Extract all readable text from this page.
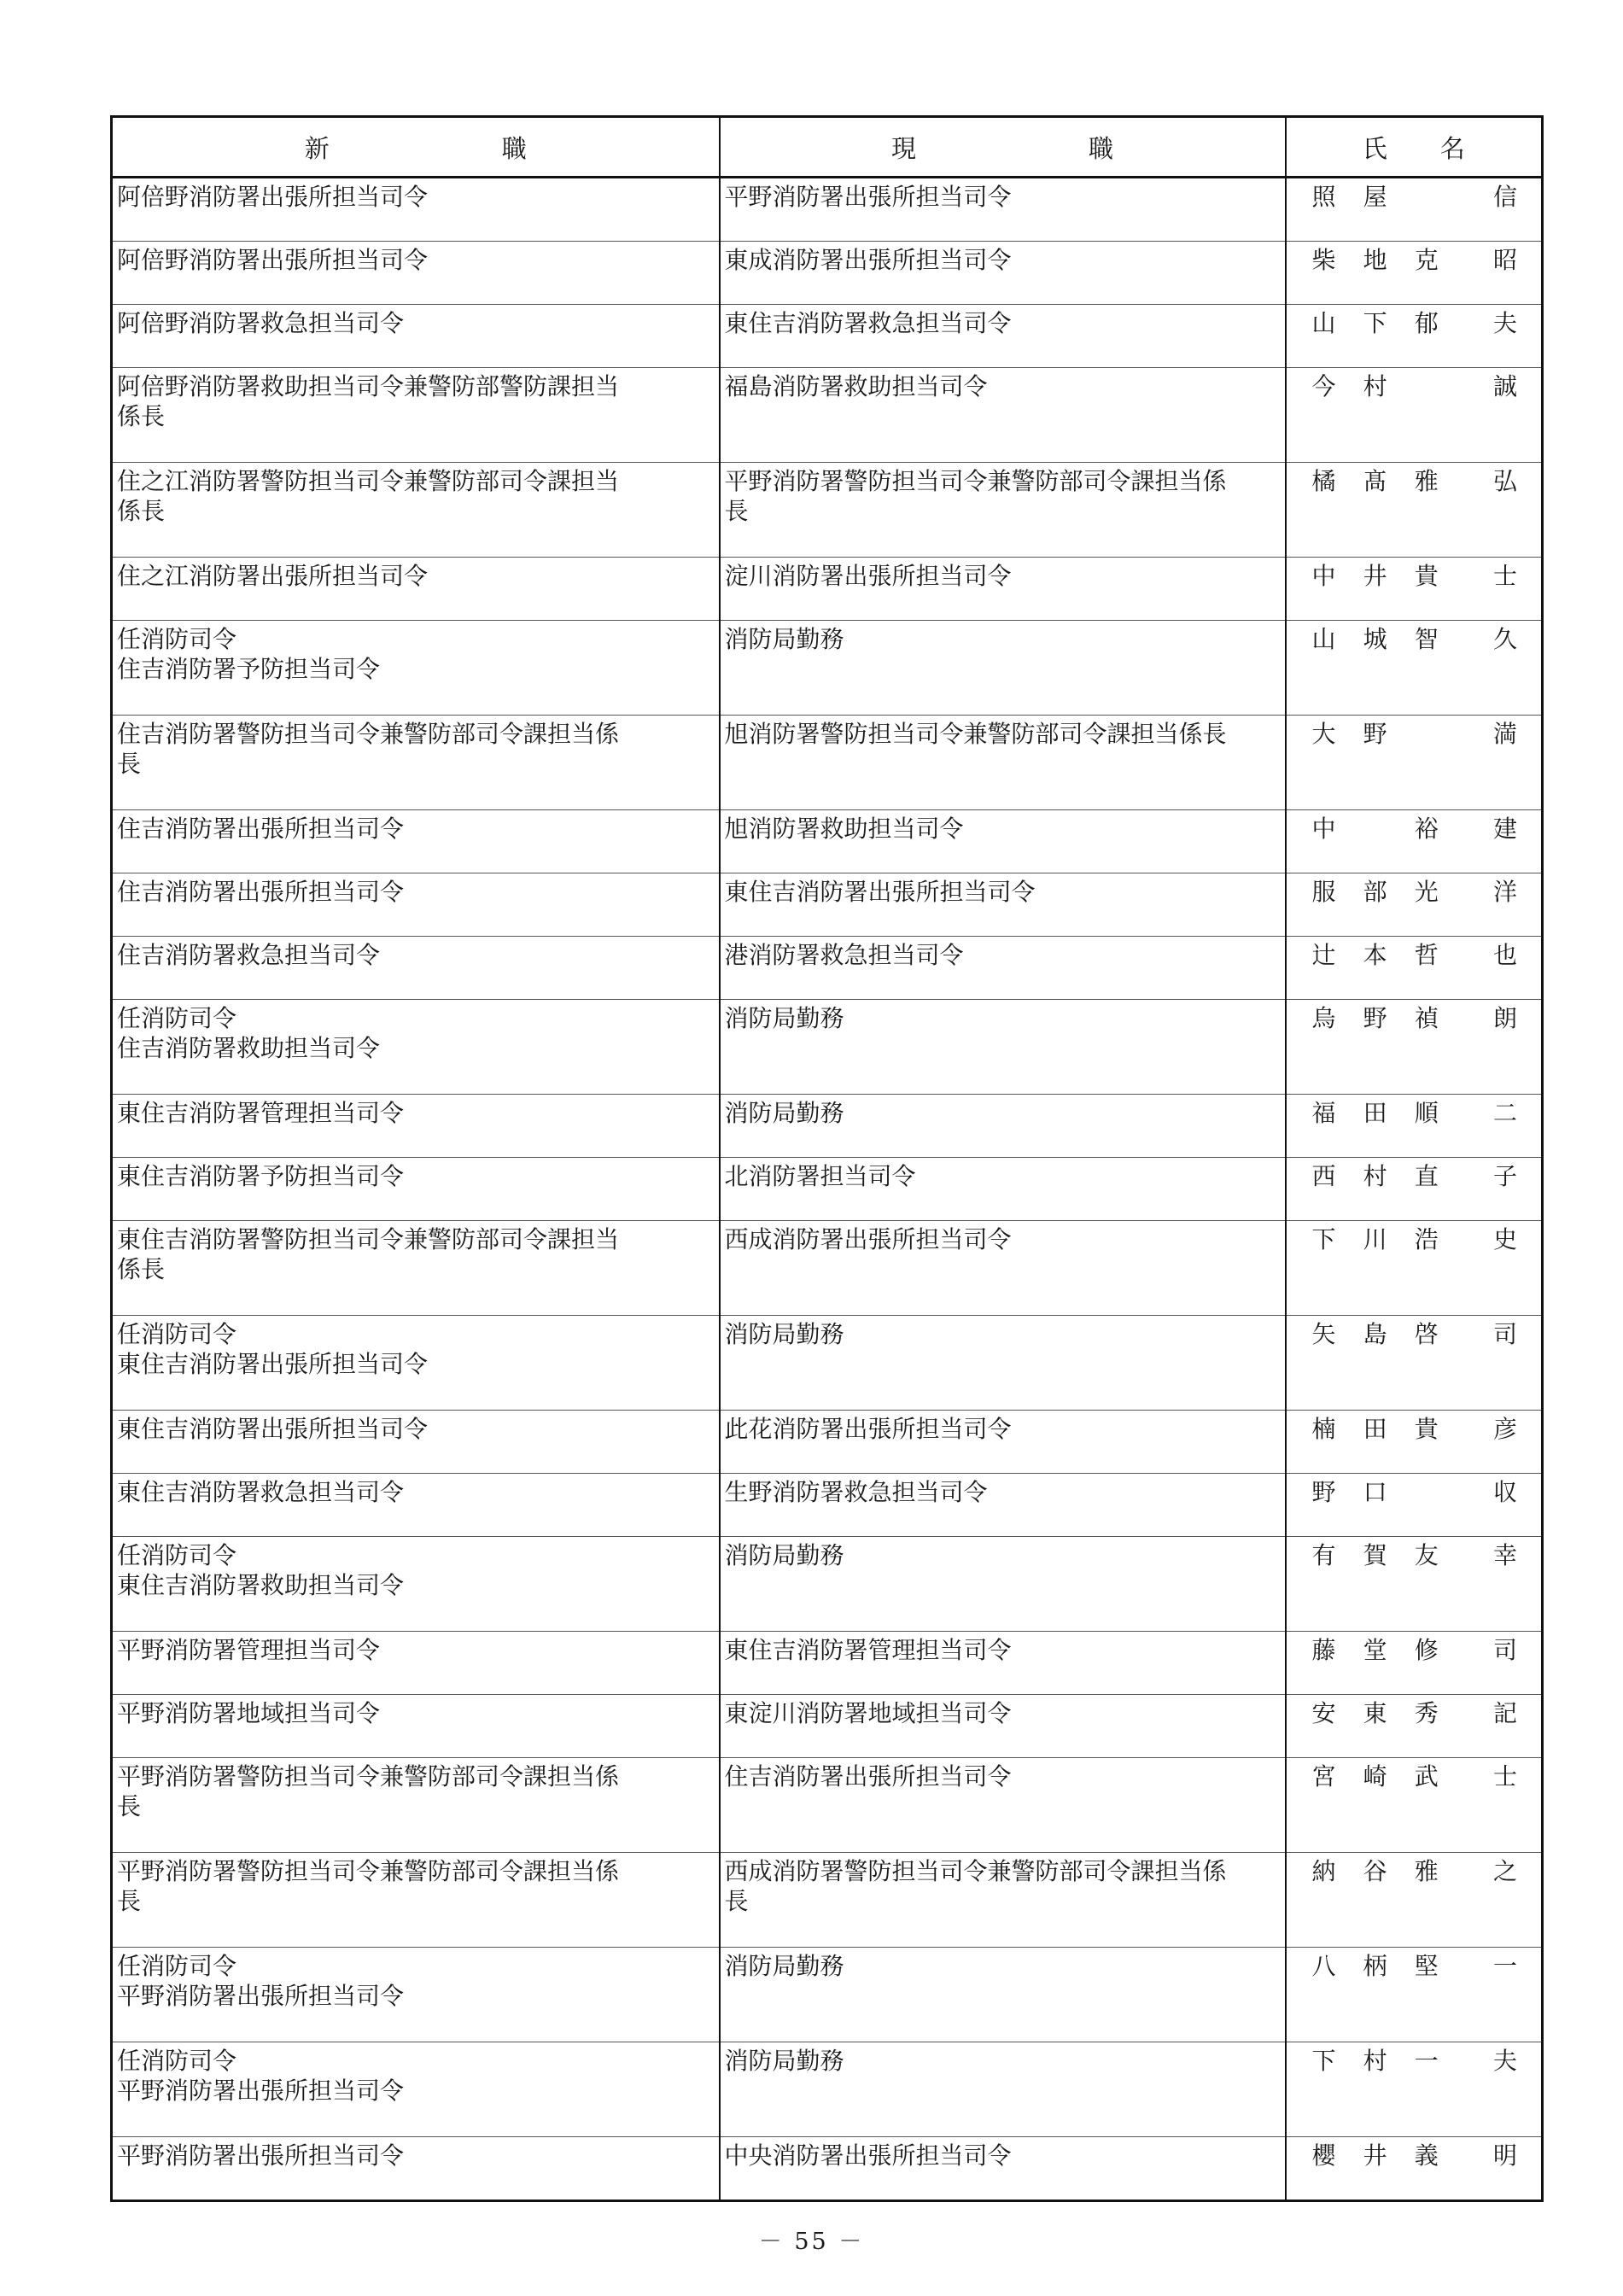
新職	現職	氏名

阿倍野消防署出張所担当司令	平野消防署出張所担当司令	照 屋 信

阿倍野消防署出張所担当司令	東成消防署出張所担当司令	柴 地 克 昭

阿倍野消防署救急担当司令	東住吉消防署救急担当司令	山 下 郁 夫

阿倍野消防署救助担当司令兼警防部警防課担当
係長	福島消防署救助担当司令	今 村 誠

住之江消防署警防担当司令兼警防部司令課担当
係長	平野消防署警防担当司令兼警防部司令課担当係
長	橘 髙 雅 弘

住之江消防署出張所担当司令	淀川消防署出張所担当司令	中 井 貴 士

任消防司令
住吉消防署予防担当司令	消防局勤務	山 城 智 久

住吉消防署警防担当司令兼警防部司令課担当係
長	旭消防署警防担当司令兼警防部司令課担当係長	大 野 満

住吉消防署出張所担当司令	旭消防署救助担当司令	中 裕 建

住吉消防署出張所担当司令	東住吉消防署出張所担当司令	服 部 光 洋

住吉消防署救急担当司令	港消防署救急担当司令	辻 本 哲 也

任消防司令
住吉消防署救助担当司令	消防局勤務	烏 野 禎 朗

東住吉消防署管理担当司令	消防局勤務	福 田 順 二

東住吉消防署予防担当司令	北消防署担当司令	西 村 直 子

東住吉消防署警防担当司令兼警防部司令課担当
係長	西成消防署出張所担当司令	下 川 浩 史

任消防司令
東住吉消防署出張所担当司令	消防局勤務	矢 島 啓 司

東住吉消防署出張所担当司令	此花消防署出張所担当司令	楠 田 貴 彦

東住吉消防署救急担当司令	生野消防署救急担当司令	野 口 収

任消防司令
東住吉消防署救助担当司令	消防局勤務	有 賀 友 幸

平野消防署管理担当司令	東住吉消防署管理担当司令	藤 堂 修 司

平野消防署地域担当司令	東淀川消防署地域担当司令	安 東 秀 記

平野消防署警防担当司令兼警防部司令課担当係
長	住吉消防署出張所担当司令	宮 崎 武 士

平野消防署警防担当司令兼警防部司令課担当係
長	西成消防署警防担当司令兼警防部司令課担当係
長	納 谷 雅 之

任消防司令
平野消防署出張所担当司令	消防局勤務	八 柄 堅 一

任消防司令
平野消防署出張所担当司令	消防局勤務	下 村 一 夫

平野消防署出張所担当司令	中央消防署出張所担当司令	櫻 井 義 明
－ 55 －
